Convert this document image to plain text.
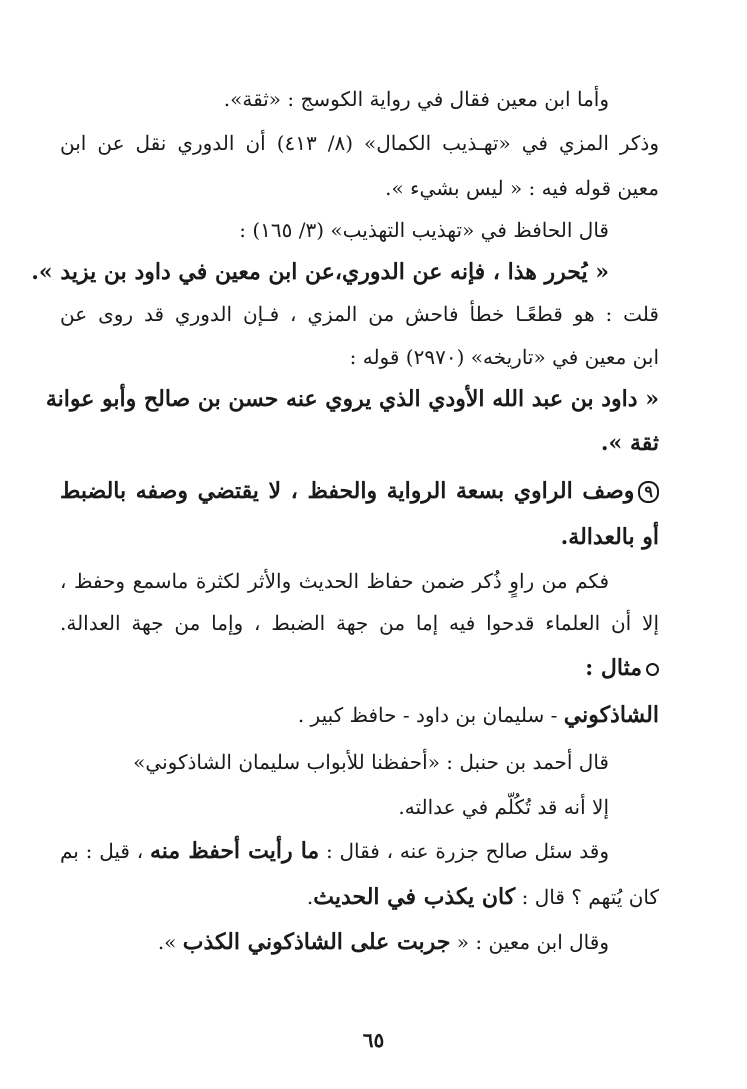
وأما ابن معين فقال في رواية الكوسج : «ثقة».
وذكر المزي في «تهـذيب الكمال» (٨/ ٤١٣) أن الدوري نقل عن ابن
معين قوله فيه : « ليس بشيء ».
قال الحافظ في «تهذيب التهذيب» (٣/ ١٦٥) :
« يُحرر هذا ، فإنه عن الدوري،عن ابن معين في داود بن يزيد ».
قلت : هو قطعًـا خطأ فاحش من المزي ، فـإن الدوري قد روى عن
ابن معين في «تاريخه» (٢٩٧٠) قوله :
« داود بن عبد الله الأودي الذي يروي عنه حسن بن صالح وأبو عوانة
ثقة ».
٩وصف الراوي بسعة الرواية والحفظ ، لا يقتضي وصفه بالضبط
أو بالعدالة.
فكم من راوٍ ذُكر ضمن حفاظ الحديث والأثر لكثرة ماسمع وحفظ ،
إلا أن العلماء قدحوا فيه إما من جهة الضبط ، وإما من جهة العدالة.
مثال :
الشاذكوني - سليمان بن داود - حافظ كبير .
قال أحمد بن حنبل : «أحفظنا للأبواب سليمان الشاذكوني»
إلا أنه قد تُكُلّم في عدالته.
وقد سئل صالح جزرة عنه ، فقال : ما رأيت أحفظ منه ، قيل : بم
كان يُتهم ؟ قال : كان يكذب في الحديث.
وقال ابن معين : « جربت على الشاذكوني الكذب ».
٦٥
